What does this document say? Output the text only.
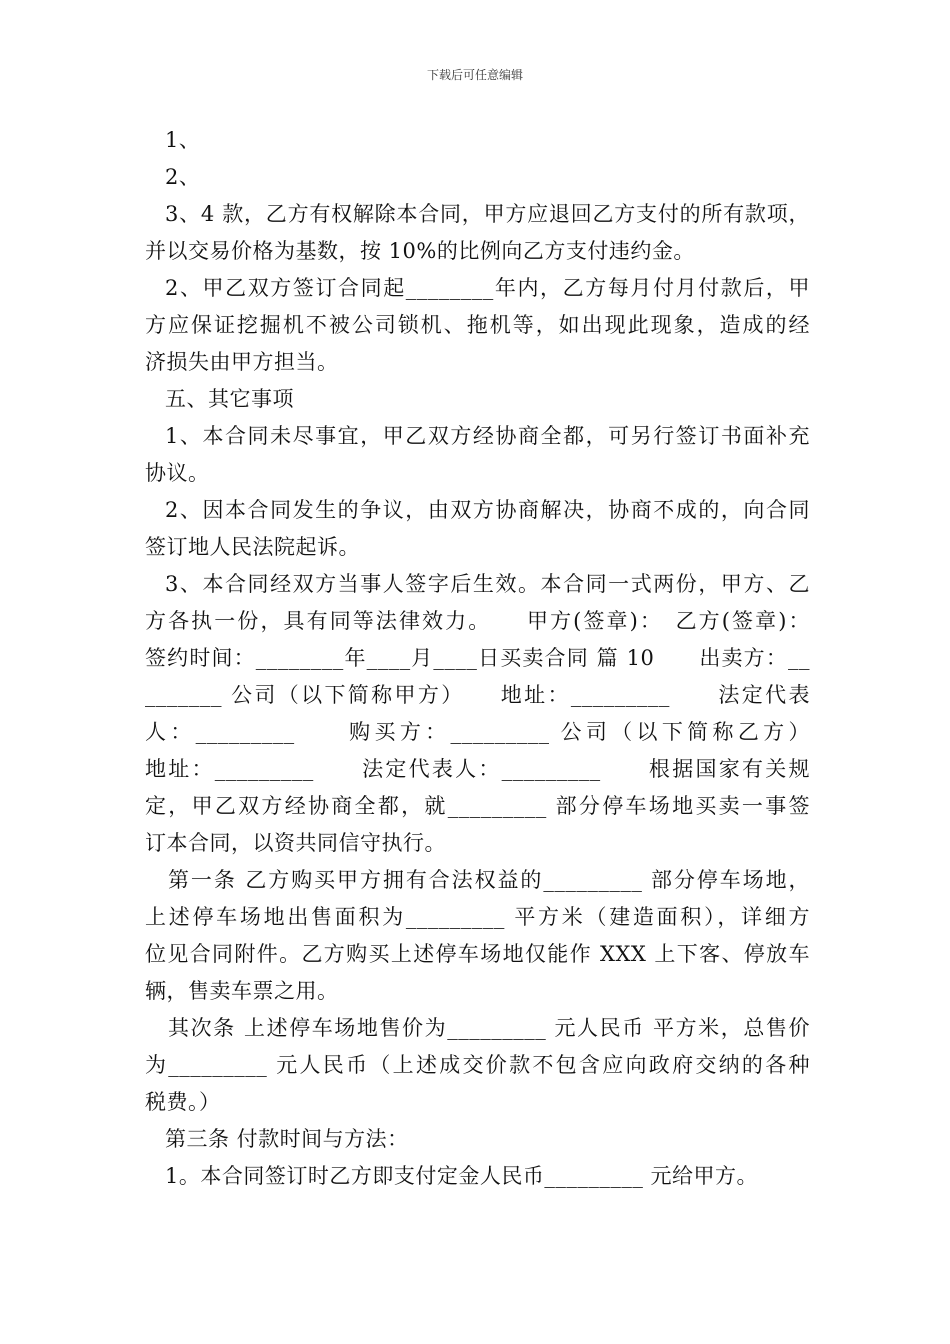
下载后可任意编辑
1、
2、
3、4 款，乙方有权解除本合同，甲方应退回乙方支付的所有款项，
并以交易价格为基数，按 10%的比例向乙方支付违约金。
2、甲乙双方签订合同起________年内，乙方每月付月付款后，甲
方应保证挖掘机不被公司锁机、拖机等，如出现此现象，造成的经
济损失由甲方担当。
五、其它事项
1、本合同未尽事宜，甲乙双方经协商全都，可另行签订书面补充
协议。
2、因本合同发生的争议，由双方协商解决，协商不成的，向合同
签订地人民法院起诉。
3、本合同经双方当事人签字后生效。本合同一式两份，甲方、乙
方各执一份，具有同等法律效力。　　甲方(签章)：　乙方(签章)：
签约时间：________年____月____日买卖合同 篇 10　　出卖方：__
_______ 公司（以下简称甲方）　　地址：_________　　法定代表
人：_________　　购买方：_________ 公司（以下简称乙方）
地址：_________　　法定代表人：_________　　根据国家有关规
定，甲乙双方经协商全都，就_________ 部分停车场地买卖一事签
订本合同，以资共同信守执行。
第一条 乙方购买甲方拥有合法权益的_________ 部分停车场地，
上述停车场地出售面积为_________ 平方米（建造面积），详细方
位见合同附件。乙方购买上述停车场地仅能作 XXX 上下客、停放车
辆，售卖车票之用。
其次条 上述停车场地售价为_________ 元人民币 平方米，总售价
为_________ 元人民币（上述成交价款不包含应向政府交纳的各种
税费。）
第三条 付款时间与方法：
1。本合同签订时乙方即支付定金人民币_________ 元给甲方。
